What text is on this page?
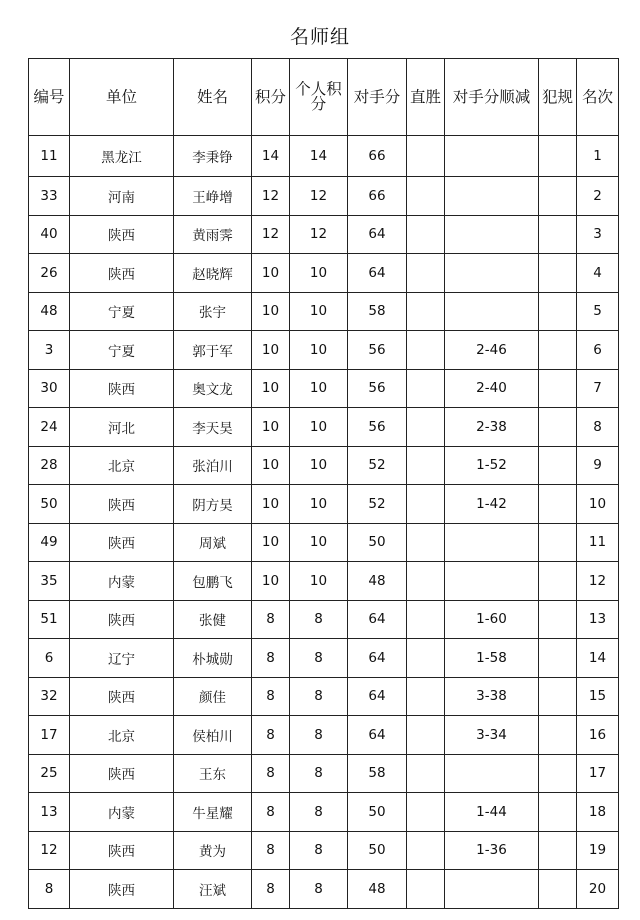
名师组
编号	单位	姓名	积分	个人积分	对手分	直胜	对手分顺减	犯规	名次
11	黑龙江	李秉铮	14	14	66				1
33	河南	王峥增	12	12	66				2
40	陕西	黄雨霁	12	12	64				3
26	陕西	赵晓辉	10	10	64				4
48	宁夏	张宇	10	10	58				5
3	宁夏	郭于军	10	10	56		2-46		6
30	陕西	奥文龙	10	10	56		2-40		7
24	河北	李天昊	10	10	56		2-38		8
28	北京	张泊川	10	10	52		1-52		9
50	陕西	阴方昊	10	10	52		1-42		10
49	陕西	周斌	10	10	50				11
35	内蒙	包鹏飞	10	10	48				12
51	陕西	张健	8	8	64		1-60		13
6	辽宁	朴城勋	8	8	64		1-58		14
32	陕西	颜佳	8	8	64		3-38		15
17	北京	侯柏川	8	8	64		3-34		16
25	陕西	王东	8	8	58				17
13	内蒙	牛星耀	8	8	50		1-44		18
12	陕西	黄为	8	8	50		1-36		19
8	陕西	汪斌	8	8	48				20
